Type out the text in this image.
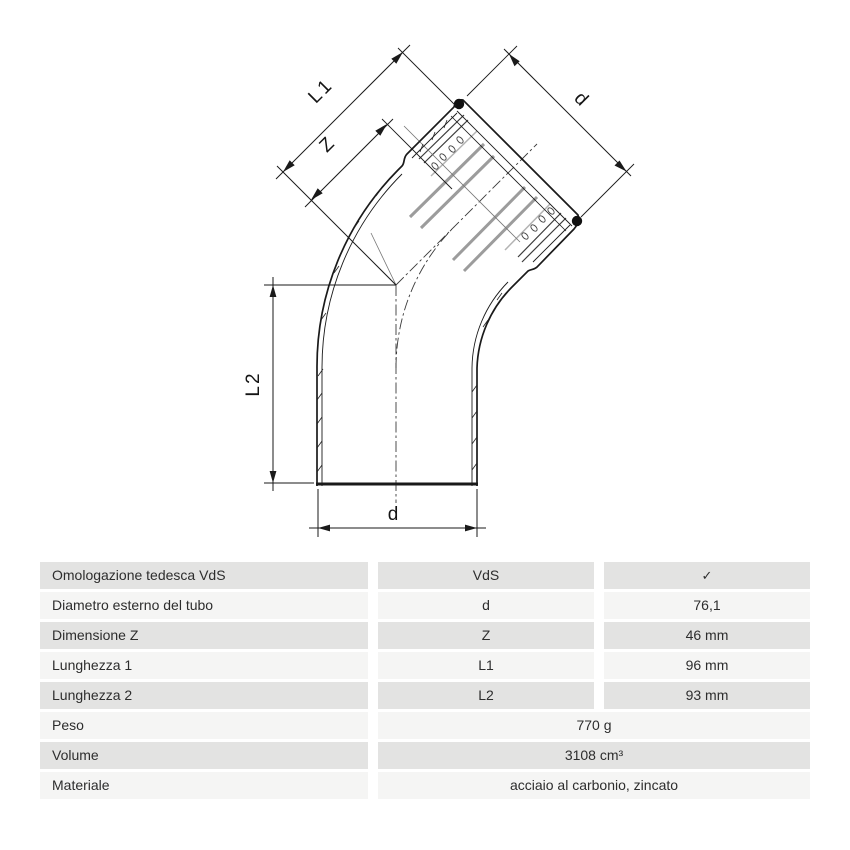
L2
d
L1
Z
d
Omologazione tedesca VdS	VdS	✓
Diametro esterno del tubo	d	76,1
Dimensione Z	Z	46 mm
Lunghezza 1	L1	96 mm
Lunghezza 2	L2	93 mm
Peso	770 g
Volume	3108 cm³
Materiale	acciaio al carbonio, zincato
